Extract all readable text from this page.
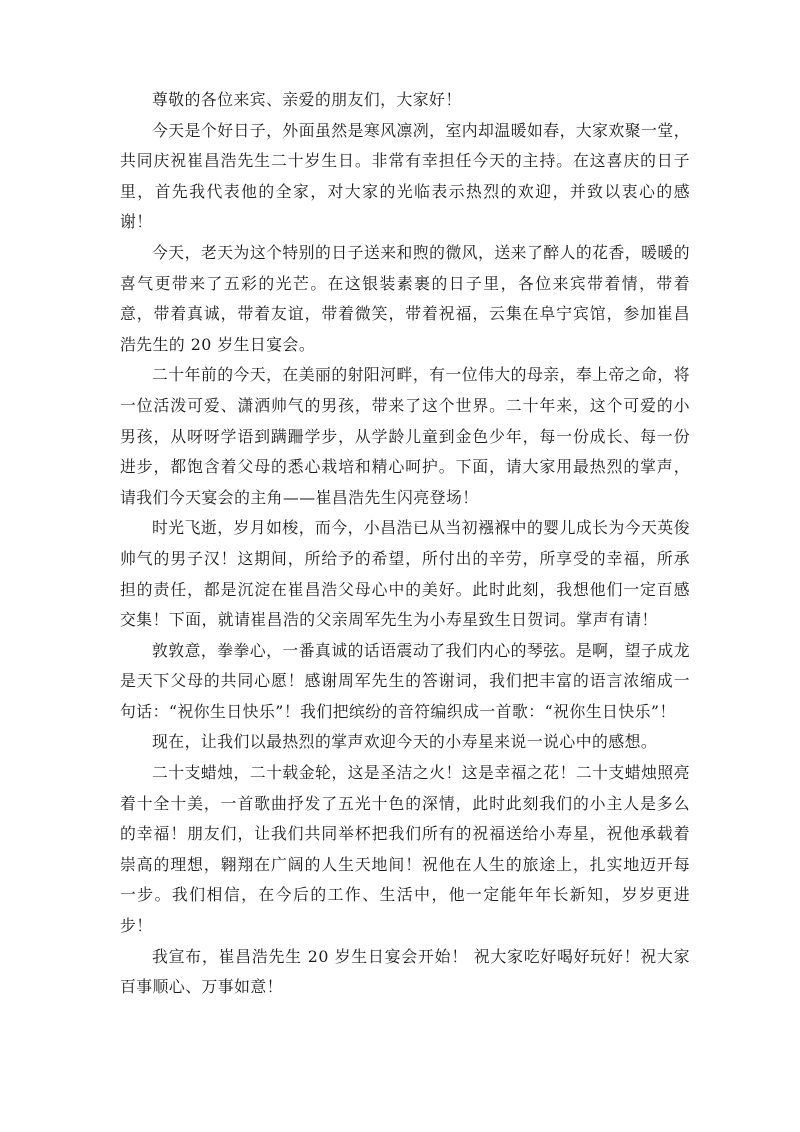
尊敬的各位来宾、亲爱的朋友们，大家好！

今天是个好日子，外面虽然是寒风凛冽，室内却温暖如春，大家欢聚一堂，共同庆祝崔昌浩先生二十岁生日。非常有幸担任今天的主持。在这喜庆的日子里，首先我代表他的全家，对大家的光临表示热烈的欢迎，并致以衷心的感谢！

今天，老天为这个特别的日子送来和煦的微风，送来了醉人的花香，暖暖的喜气更带来了五彩的光芒。在这银装素裹的日子里，各位来宾带着情，带着意，带着真诚，带着友谊，带着微笑，带着祝福，云集在阜宁宾馆，参加崔昌浩先生的 20 岁生日宴会。

二十年前的今天，在美丽的射阳河畔，有一位伟大的母亲，奉上帝之命，将一位活泼可爱、潇洒帅气的男孩，带来了这个世界。二十年来，这个可爱的小男孩，从呀呀学语到蹒跚学步，从学龄儿童到金色少年，每一份成长、每一份进步，都饱含着父母的悉心栽培和精心呵护。下面，请大家用最热烈的掌声，请我们今天宴会的主角——崔昌浩先生闪亮登场！

时光飞逝，岁月如梭，而今，小昌浩已从当初襁褓中的婴儿成长为今天英俊帅气的男子汉！这期间，所给予的希望，所付出的辛劳，所享受的幸福，所承担的责任，都是沉淀在崔昌浩父母心中的美好。此时此刻，我想他们一定百感交集！下面，就请崔昌浩的父亲周军先生为小寿星致生日贺词。掌声有请！

敦敦意，拳拳心，一番真诚的话语震动了我们内心的琴弦。是啊，望子成龙是天下父母的共同心愿！感谢周军先生的答谢词，我们把丰富的语言浓缩成一句话：“祝你生日快乐”！我们把缤纷的音符编织成一首歌：“祝你生日快乐”！

现在，让我们以最热烈的掌声欢迎今天的小寿星来说一说心中的感想。

二十支蜡烛，二十载金轮，这是圣洁之火！这是幸福之花！二十支蜡烛照亮着十全十美，一首歌曲抒发了五光十色的深情，此时此刻我们的小主人是多么的幸福！朋友们，让我们共同举杯把我们所有的祝福送给小寿星，祝他承载着崇高的理想，翱翔在广阔的人生天地间！祝他在人生的旅途上，扎实地迈开每一步。我们相信，在今后的工作、生活中，他一定能年年长新知，岁岁更进步！

我宣布，崔昌浩先生 20 岁生日宴会开始！ 祝大家吃好喝好玩好！祝大家百事顺心、万事如意！
